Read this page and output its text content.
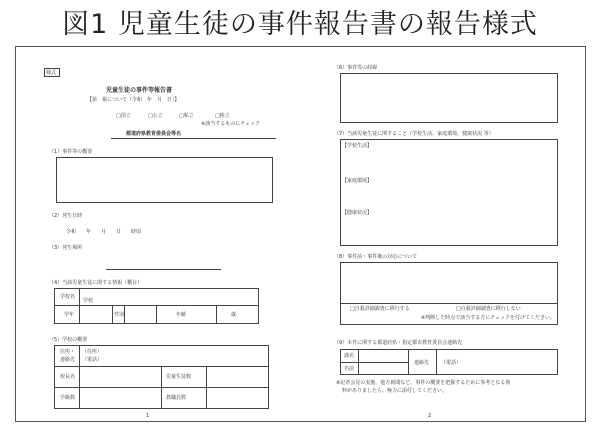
図1 児童生徒の事件報告書の報告様式
様式
児童生徒の事件等報告書
【第　報について（令和　年　月　日）】
□国立	□公立	□私立	□株立
※該当するものにチェック
都道府県教育委員会等名
（1）事件等の概要
（2）発生日時
令和　　年　　月　　日　　時頃
（3）発生場所
（4）当該児童生徒に関する情報（概在）
学校名
学校
学年	性別	年齢	歳
（5）学校の概要
住所・ （住所）
連絡先 （電話）
校長名	児童生徒数
学級数	教職員数
1
（6）事件等の経緯
（7）当該児童生徒に関すること（学校生活、家庭環境、健康状況 等）
【学校生活】
【家庭環境】
【健康状況】
（8）事件前・事件後の対応について
□自殺詳細調査に移行する	□自殺詳細調査に移行しない
※判断した時点で該当する方にチェックを付けてください。
（9）本件に関する都道府県・指定都市教育委員会連絡先
課名
名前
連絡先 （電話）
※記者会見の実施、他方新聞など、事件の概要を把握するために参考となる資
料がありましたら、極力に添付してください。
2
